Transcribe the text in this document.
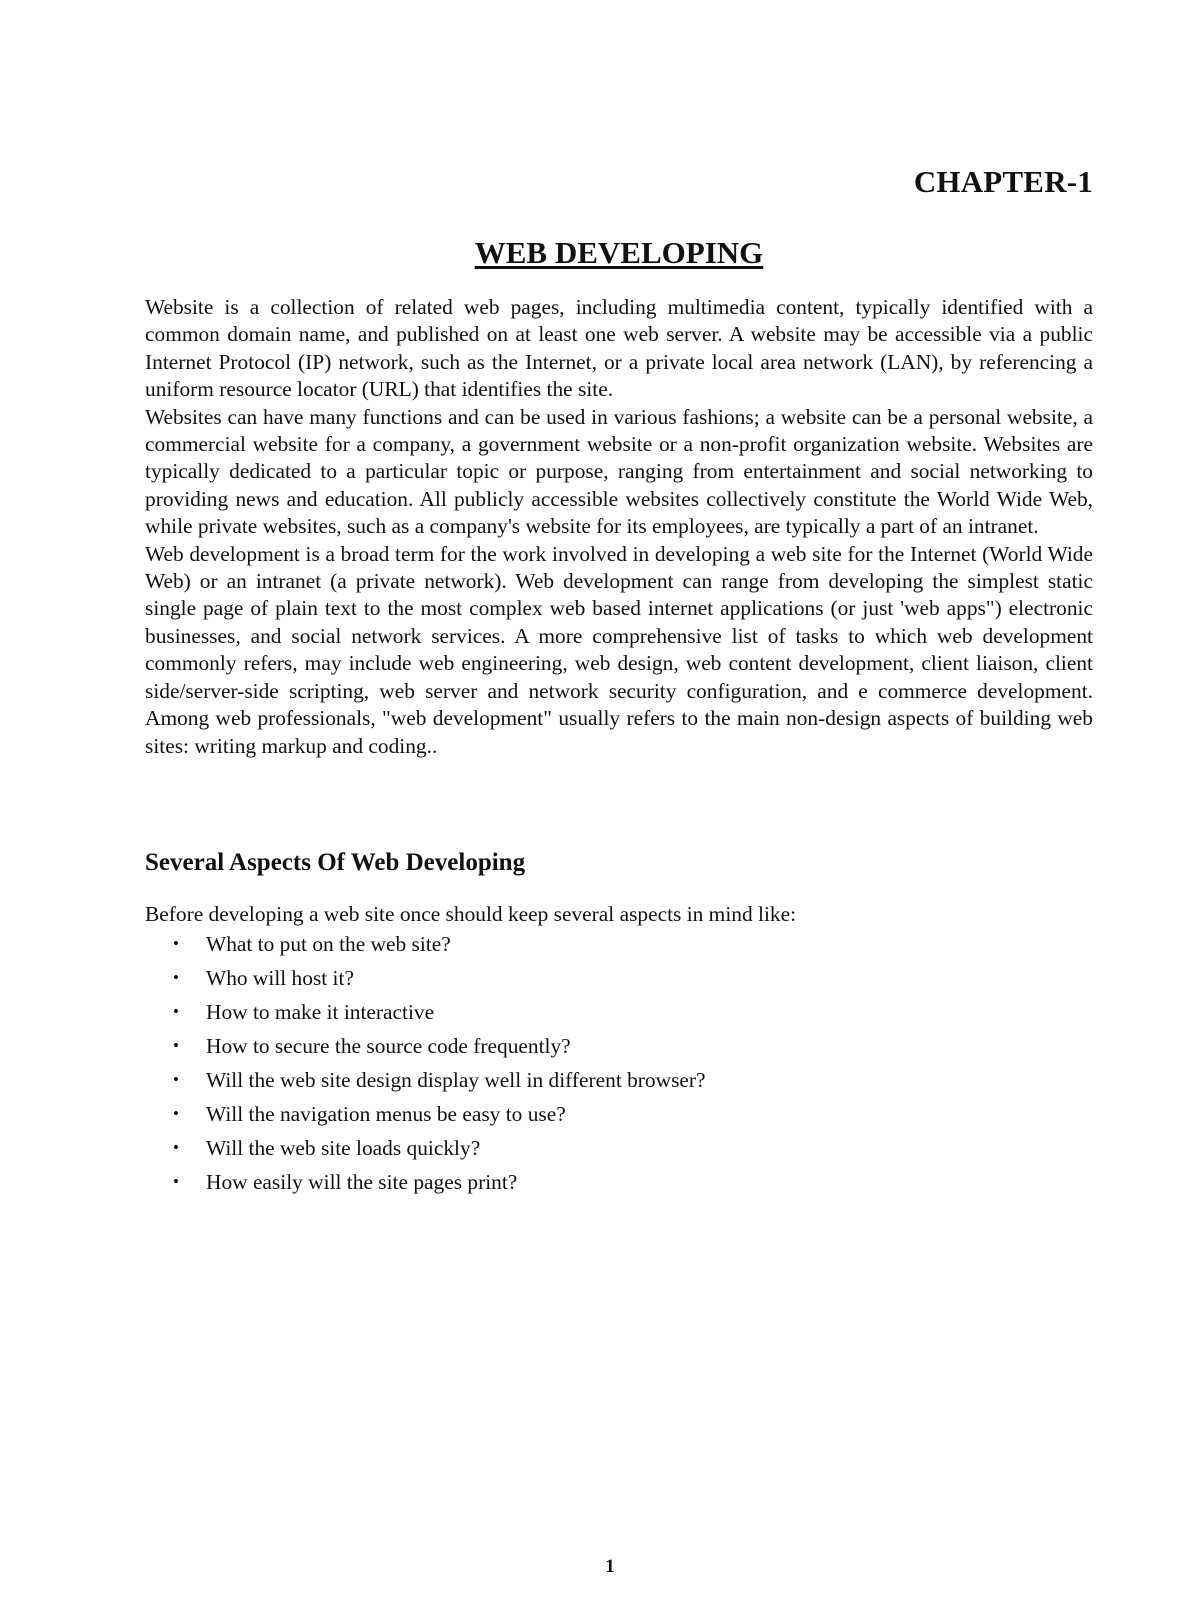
CHAPTER-1
WEB DEVELOPING

Website is a collection of related web pages, including multimedia content, typically identified with a common domain name, and published on at least one web server. A website may be accessible via a public Internet Protocol (IP) network, such as the Internet, or a private local area network (LAN), by referencing a uniform resource locator (URL) that identifies the site.

Websites can have many functions and can be used in various fashions; a website can be a personal website, a commercial website for a company, a government website or a non-profit organization website. Websites are typically dedicated to a particular topic or purpose, ranging from entertainment and social networking to providing news and education. All publicly accessible websites collectively constitute the World Wide Web, while private websites, such as a company's website for its employees, are typically a part of an intranet.

Web development is a broad term for the work involved in developing a web site for the Internet (World Wide Web) or an intranet (a private network). Web development can range from developing the simplest static single page of plain text to the most complex web based internet applications (or just 'web apps") electronic businesses, and social network services. A more comprehensive list of tasks to which web development commonly refers, may include web engineering, web design, web content development, client liaison, client side/server-side scripting, web server and network security configuration, and e commerce development. Among web professionals, "web development" usually refers to the main non-design aspects of building web sites: writing markup and coding..

Several Aspects Of Web Developing
Before developing a web site once should keep several aspects in mind like:
• What to put on the web site?
• Who will host it?
• How to make it interactive
• How to secure the source code frequently?
• Will the web site design display well in different browser?
• Will the navigation menus be easy to use?
• Will the web site loads quickly?
• How easily will the site pages print?
1
